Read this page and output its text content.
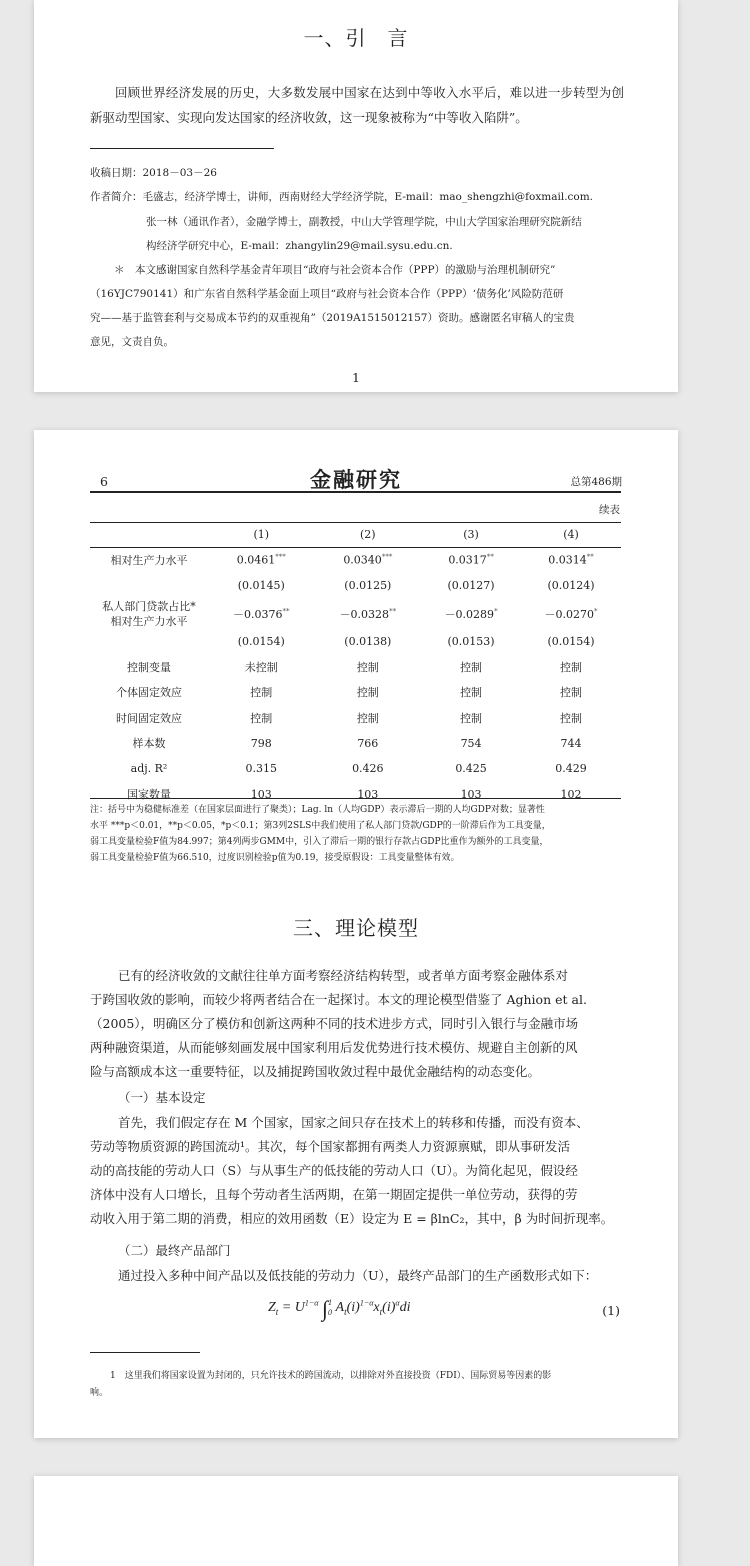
一、引　言
回顾世界经济发展的历史，大多数发展中国家在达到中等收入水平后，难以进一步转型为创新驱动型国家、实现向发达国家的经济收敛，这一现象被称为“中等收入陷阱”。
收稿日期：2018－03－26
作者简介：毛盛志，经济学博士，讲师，西南财经大学经济学院，E-mail：mao_shengzhi@foxmail.com.
张一林（通讯作者），金融学博士，副教授，中山大学管理学院，中山大学国家治理研究院新结
构经济学研究中心，E-mail：zhangylin29@mail.sysu.edu.cn.
＊　本文感谢国家自然科学基金青年项目“政府与社会资本合作（PPP）的激励与治理机制研究”
（16YJC790141）和广东省自然科学基金面上项目“政府与社会资本合作（PPP）‘债务化’风险防范研
究——基于监管套利与交易成本节约的双重视角”（2019A1515012157）资助。感谢匿名审稿人的宝贵
意见，文责自负。
1
6	金融研究	总第486期
续表
	(1)	(2)	(3)	(4)
相对生产力水平	0.0461***	0.0340***	0.0317**	0.0314**
	(0.0145)	(0.0125)	(0.0127)	(0.0124)
私人部门贷款占比*
相对生产力水平	－0.0376**	－0.0328**	－0.0289*	－0.0270*
	(0.0154)	(0.0138)	(0.0153)	(0.0154)
控制变量	未控制	控制	控制	控制
个体固定效应	控制	控制	控制	控制
时间固定效应	控制	控制	控制	控制
样本数	798	766	754	744
adj. R²	0.315	0.426	0.425	0.429
国家数量	103	103	103	102
注：括号中为稳健标准差（在国家层面进行了聚类）；Lag. ln（人均GDP）表示滞后一期的人均GDP对数；显著性
水平 ***p＜0.01，**p＜0.05，*p＜0.1；第3列2SLS中我们使用了私人部门贷款/GDP的一阶滞后作为工具变量，
弱工具变量检验F值为84.997；第4列两步GMM中，引入了滞后一期的银行存款占GDP比重作为额外的工具变量，
弱工具变量检验F值为66.510，过度识别检验p值为0.19，接受原假设：工具变量整体有效。
三、理论模型
已有的经济收敛的文献往往单方面考察经济结构转型，或者单方面考察金融体系对
于跨国收敛的影响，而较少将两者结合在一起探讨。本文的理论模型借鉴了 Aghion et al.
（2005），明确区分了模仿和创新这两种不同的技术进步方式，同时引入银行与金融市场
两种融资渠道，从而能够刻画发展中国家利用后发优势进行技术模仿、规避自主创新的风
险与高额成本这一重要特征，以及捕捉跨国收敛过程中最优金融结构的动态变化。
（一）基本设定
首先，我们假定存在 M 个国家，国家之间只存在技术上的转移和传播，而没有资本、
劳动等物质资源的跨国流动¹。其次，每个国家都拥有两类人力资源禀赋，即从事研发活
动的高技能的劳动人口（S）与从事生产的低技能的劳动人口（U）。为简化起见，假设经
济体中没有人口增长，且每个劳动者生活两期，在第一期固定提供一单位劳动，获得的劳
动收入用于第二期的消费，相应的效用函数（E）设定为 E = βlnC₂，其中，β 为时间折现率。
（二）最终产品部门
通过投入多种中间产品以及低技能的劳动力（U），最终产品部门的生产函数形式如下：
$Z_t = U^{1-\alpha}$ $\int_0^1$ $A_t(i)^{1-\alpha}x_t(i)^\alpha di$	(1)
1　这里我们将国家设置为封闭的，只允许技术的跨国流动，以排除对外直接投资（FDI）、国际贸易等因素的影
响。
